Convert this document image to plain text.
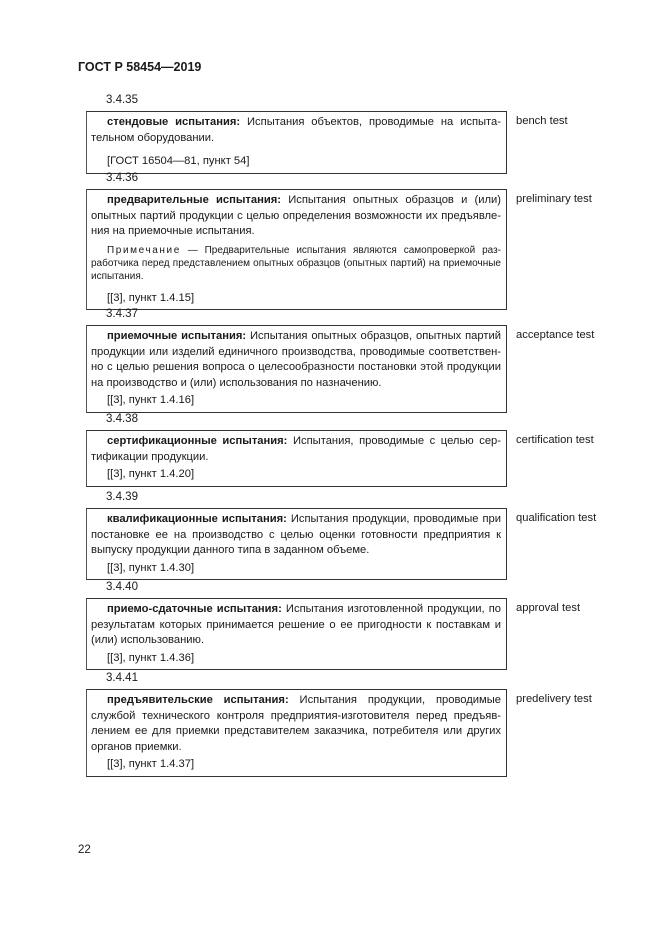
ГОСТ Р 58454—2019
3.4.35

стендовые испытания: Испытания объектов, проводимые на испыта-тельном оборудовании.

[ГОСТ 16504—81, пункт 54]
bench test
3.4.36

предварительные испытания: Испытания опытных образцов и (или) опытных партий продукции с целью определения возможности их предъявле-ния на приемочные испытания.

Примечание — Предварительные испытания являются самопроверкой раз-работчика перед представлением опытных образцов (опытных партий) на приемочные испытания.

[[3], пункт 1.4.15]
preliminary test
3.4.37

приемочные испытания: Испытания опытных образцов, опытных партий продукции или изделий единичного производства, проводимые соответствен-но с целью решения вопроса о целесообразности постановки этой продукции на производство и (или) использования по назначению.

[[3], пункт 1.4.16]
acceptance test
3.4.38

сертификационные испытания: Испытания, проводимые с целью сер-тификации продукции.

[[3], пункт 1.4.20]
certification test
3.4.39

квалификационные испытания: Испытания продукции, проводимые при постановке ее на производство с целью оценки готовности предприятия к выпуску продукции данного типа в заданном объеме.

[[3], пункт 1.4.30]
qualification test
3.4.40

приемо-сдаточные испытания: Испытания изготовленной продукции, по результатам которых принимается решение о ее пригодности к поставкам и (или) использованию.

[[3], пункт 1.4.36]
approval test
3.4.41

предъявительские испытания: Испытания продукции, проводимые службой технического контроля предприятия-изготовителя перед предъяв-лением ее для приемки представителем заказчика, потребителя или других органов приемки.

[[3], пункт 1.4.37]
predelivery test
22
